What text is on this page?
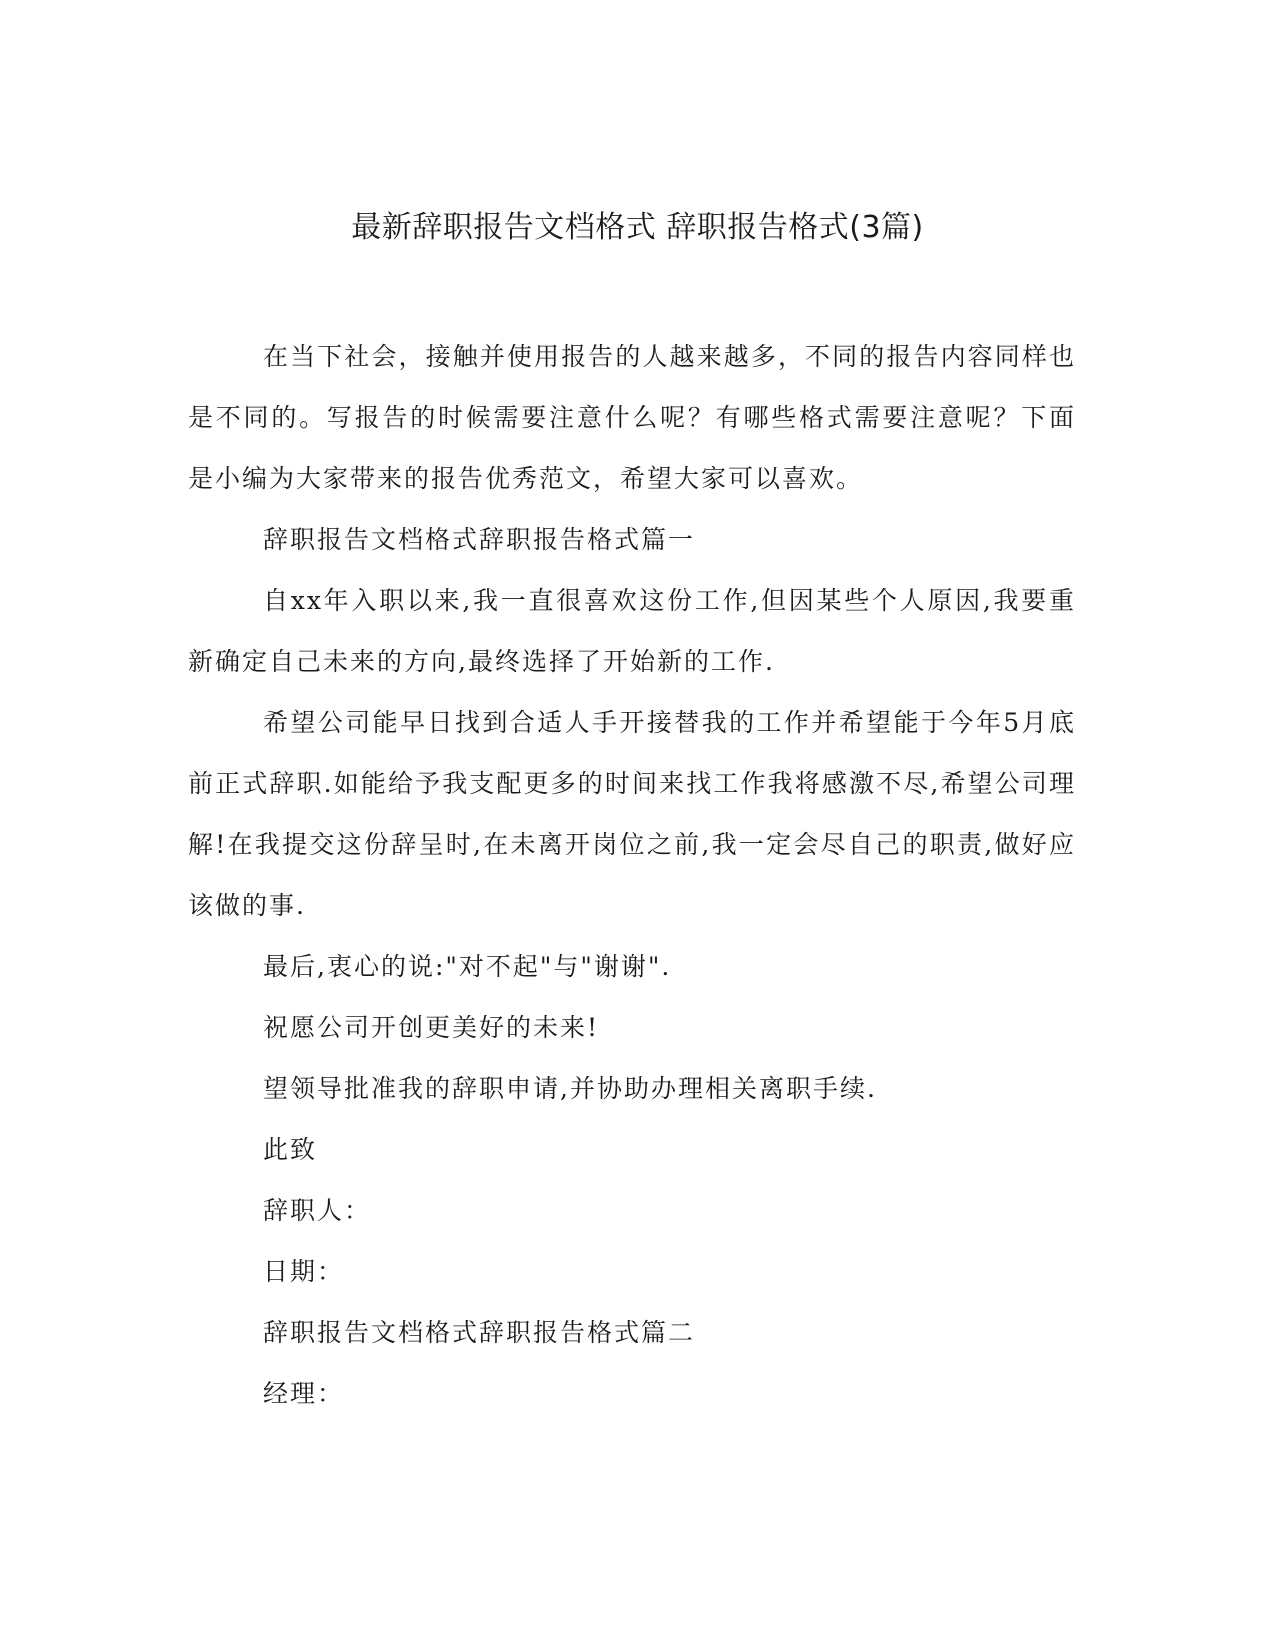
最新辞职报告文档格式 辞职报告格式(3篇)

在当下社会，接触并使用报告的人越来越多，不同的报告内容同样也是不同的。写报告的时候需要注意什么呢？有哪些格式需要注意呢？下面是小编为大家带来的报告优秀范文，希望大家可以喜欢。

辞职报告文档格式辞职报告格式篇一

自xx年入职以来,我一直很喜欢这份工作,但因某些个人原因,我要重新确定自己未来的方向,最终选择了开始新的工作.

希望公司能早日找到合适人手开接替我的工作并希望能于今年5月底前正式辞职.如能给予我支配更多的时间来找工作我将感激不尽,希望公司理解!在我提交这份辞呈时,在未离开岗位之前,我一定会尽自己的职责,做好应该做的事.

最后,衷心的说:"对不起"与"谢谢".

祝愿公司开创更美好的未来!

望领导批准我的辞职申请,并协助办理相关离职手续.

此致

辞职人：

日期：

辞职报告文档格式辞职报告格式篇二

经理：
